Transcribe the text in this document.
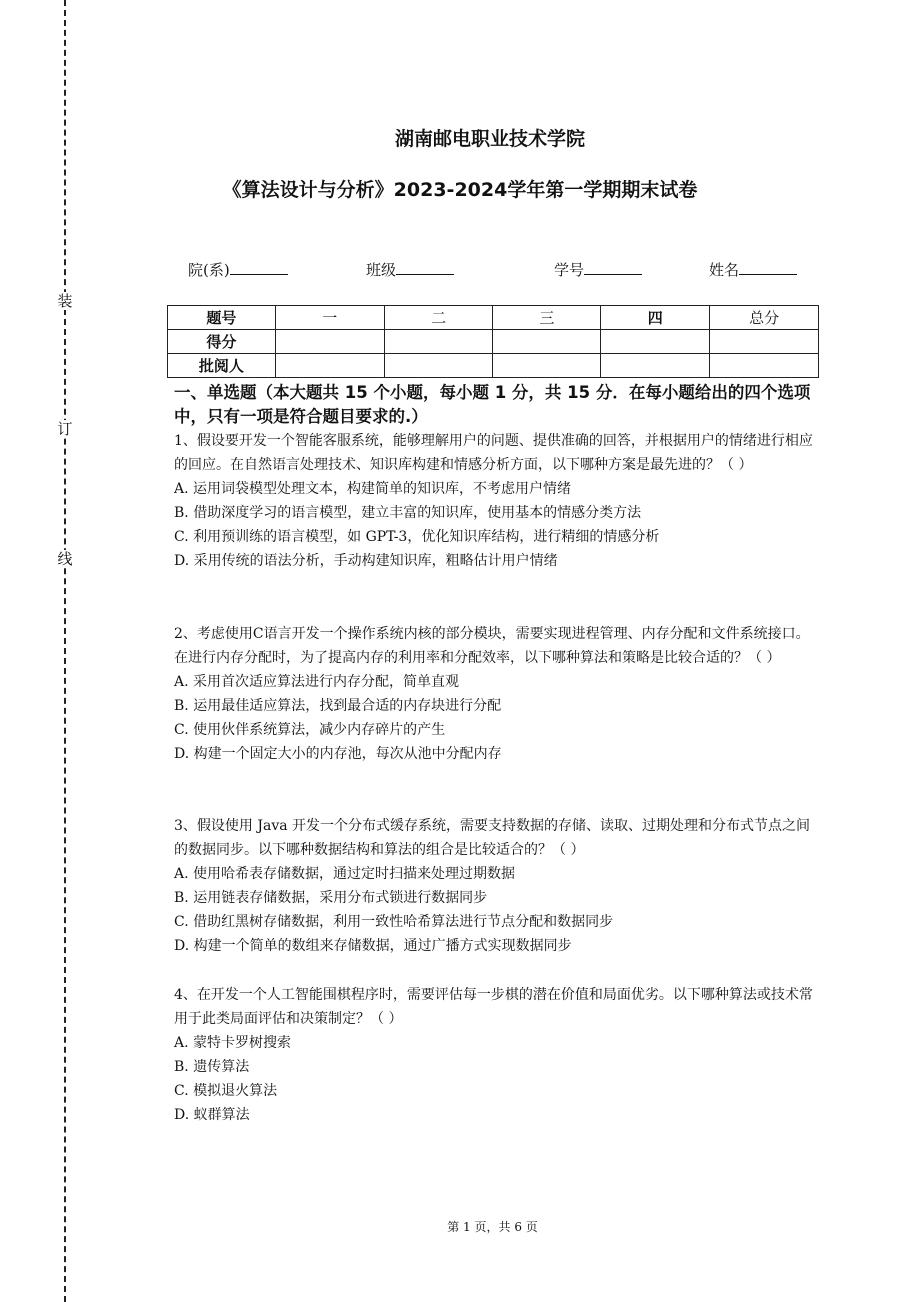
装
订
线
湖南邮电职业技术学院
《算法设计与分析》2023-2024学年第一学期期末试卷
院(系)	班级	学号	姓名
题号	一	二	三	四	总分
得分					
批阅人					
一、单选题（本大题共 15 个小题，每小题 1 分，共 15 分．在每小题给出的四个选项中，只有一项是符合题目要求的.）

1、假设要开发一个智能客服系统，能够理解用户的问题、提供准确的回答，并根据用户的情绪进行相应的回应。在自然语言处理技术、知识库构建和情感分析方面，以下哪种方案是最先进的？（ ）

A. 运用词袋模型处理文本，构建简单的知识库，不考虑用户情绪

B. 借助深度学习的语言模型，建立丰富的知识库，使用基本的情感分类方法

C. 利用预训练的语言模型，如 GPT-3，优化知识库结构，进行精细的情感分析

D. 采用传统的语法分析，手动构建知识库，粗略估计用户情绪

2、考虑使用C语言开发一个操作系统内核的部分模块，需要实现进程管理、内存分配和文件系统接口。在进行内存分配时，为了提高内存的利用率和分配效率，以下哪种算法和策略是比较合适的？（ ）

A. 采用首次适应算法进行内存分配，简单直观

B. 运用最佳适应算法，找到最合适的内存块进行分配

C. 使用伙伴系统算法，减少内存碎片的产生

D. 构建一个固定大小的内存池，每次从池中分配内存

3、假设使用 Java 开发一个分布式缓存系统，需要支持数据的存储、读取、过期处理和分布式节点之间的数据同步。以下哪种数据结构和算法的组合是比较适合的？（ ）

A. 使用哈希表存储数据，通过定时扫描来处理过期数据

B. 运用链表存储数据，采用分布式锁进行数据同步

C. 借助红黑树存储数据，利用一致性哈希算法进行节点分配和数据同步

D. 构建一个简单的数组来存储数据，通过广播方式实现数据同步

4、在开发一个人工智能围棋程序时，需要评估每一步棋的潜在价值和局面优劣。以下哪种算法或技术常用于此类局面评估和决策制定？（ ）

A. 蒙特卡罗树搜索

B. 遗传算法

C. 模拟退火算法

D. 蚁群算法

第 1 页，共 6 页
